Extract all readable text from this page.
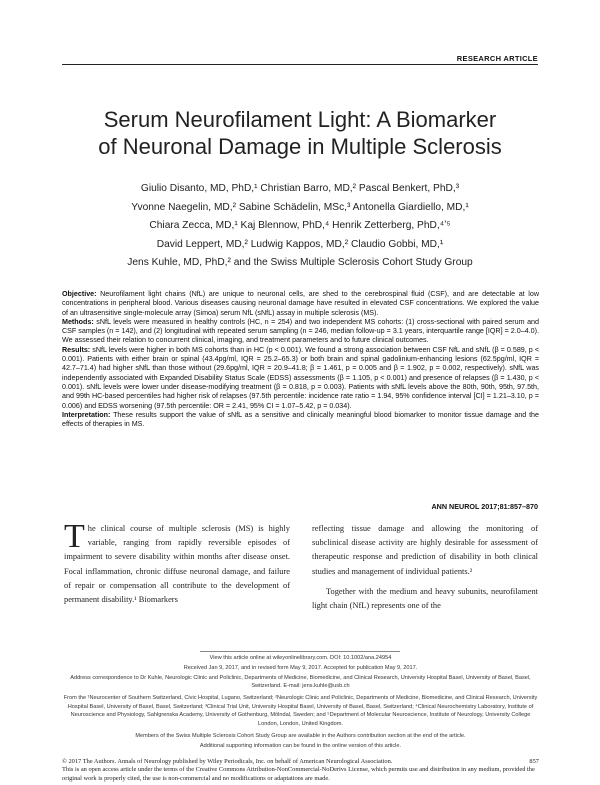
RESEARCH ARTICLE
Serum Neurofilament Light: A Biomarker
of Neuronal Damage in Multiple Sclerosis
Giulio Disanto, MD, PhD,¹ Christian Barro, MD,² Pascal Benkert, PhD,³
Yvonne Naegelin, MD,² Sabine Schädelin, MSc,³ Antonella Giardiello, MD,¹
Chiara Zecca, MD,¹ Kaj Blennow, PhD,⁴ Henrik Zetterberg, PhD,⁴ʼ⁵
David Leppert, MD,² Ludwig Kappos, MD,² Claudio Gobbi, MD,¹
Jens Kuhle, MD, PhD,² and the Swiss Multiple Sclerosis Cohort Study Group

Objective: Neurofilament light chains (NfL) are unique to neuronal cells, are shed to the cerebrospinal fluid (CSF), and are detectable at low concentrations in peripheral blood. Various diseases causing neuronal damage have resulted in elevated CSF concentrations. We explored the value of an ultrasensitive single-molecule array (Simoa) serum NfL (sNfL) assay in multiple sclerosis (MS).

Methods: sNfL levels were measured in healthy controls (HC, n = 254) and two independent MS cohorts: (1) cross-sectional with paired serum and CSF samples (n = 142), and (2) longitudinal with repeated serum sampling (n = 246, median follow-up = 3.1 years, interquartile range [IQR] = 2.0–4.0). We assessed their relation to concurrent clinical, imaging, and treatment parameters and to future clinical outcomes.

Results: sNfL levels were higher in both MS cohorts than in HC (p < 0.001). We found a strong association between CSF NfL and sNfL (β = 0.589, p < 0.001). Patients with either brain or spinal (43.4pg/ml, IQR = 25.2–65.3) or both brain and spinal gadolinium-enhancing lesions (62.5pg/ml, IQR = 42.7–71.4) had higher sNfL than those without (29.6pg/ml, IQR = 20.9–41.8; β = 1.461, p = 0.005 and β = 1.902, p = 0.002, respectively). sNfL was independently associated with Expanded Disability Status Scale (EDSS) assessments (β = 1.105, p < 0.001) and presence of relapses (β = 1.430, p < 0.001). sNfL levels were lower under disease-modifying treatment (β = 0.818, p = 0.003). Patients with sNfL levels above the 80th, 90th, 95th, 97.5th, and 99th HC-based percentiles had higher risk of relapses (97.5th percentile: incidence rate ratio = 1.94, 95% confidence interval [CI] = 1.21–3.10, p = 0.006) and EDSS worsening (97.5th percentile: OR = 2.41, 95% CI = 1.07–5.42, p = 0.034).

Interpretation: These results support the value of sNfL as a sensitive and clinically meaningful blood biomarker to monitor tissue damage and the effects of therapies in MS.

ANN NEUROL 2017;81:857–870

The clinical course of multiple sclerosis (MS) is highly variable, ranging from rapidly reversible episodes of impairment to severe disability within months after disease onset. Focal inflammation, chronic diffuse neuronal damage, and failure of repair or compensation all contribute to the development of permanent disability.¹ Biomarkers

reflecting tissue damage and allowing the monitoring of subclinical disease activity are highly desirable for assessment of therapeutic response and prediction of disability in both clinical studies and management of individual patients.²

Together with the medium and heavy subunits, neurofilament light chain (NfL) represents one of the

View this article online at wileyonlinelibrary.com. DOI: 10.1002/ana.24954

Received Jan 9, 2017, and in revised form May 9, 2017. Accepted for publication May 9, 2017.

Address correspondence to Dr Kuhle, Neurologic Clinic and Policlinic, Departments of Medicine, Biomedicine, and Clinical Research, University Hospital Basel, University of Basel, Basel, Switzerland. E-mail: jens.kuhle@usb.ch

From the ¹Neurocenter of Southern Switzerland, Civic Hospital, Lugano, Switzerland; ²Neurologic Clinic and Policlinic, Departments of Medicine, Biomedicine, and Clinical Research, University Hospital Basel, University of Basel, Basel, Switzerland; ³Clinical Trial Unit, University Hospital Basel, University of Basel, Basel, Switzerland; ⁴Clinical Neurochemistry Laboratory, Institute of Neuroscience and Physiology, Sahlgrenska Academy, University of Gothenburg, Mölndal, Sweden; and ⁵Department of Molecular Neuroscience, Institute of Neurology, University College London, London, United Kingdom.

Members of the Swiss Multiple Sclerosis Cohort Study Group are available in the Authors contribution section at the end of the article.

Additional supporting information can be found in the online version of this article.

© 2017 The Authors. Annals of Neurology published by Wiley Periodicals, Inc. on behalf of American Neurological Association.	857

This is an open access article under the terms of the Creative Commons Attribution-NonCommercial-NoDerivs License, which permits use and distribution in any medium, provided the original work is properly cited, the use is non-commercial and no modifications or adaptations are made.
